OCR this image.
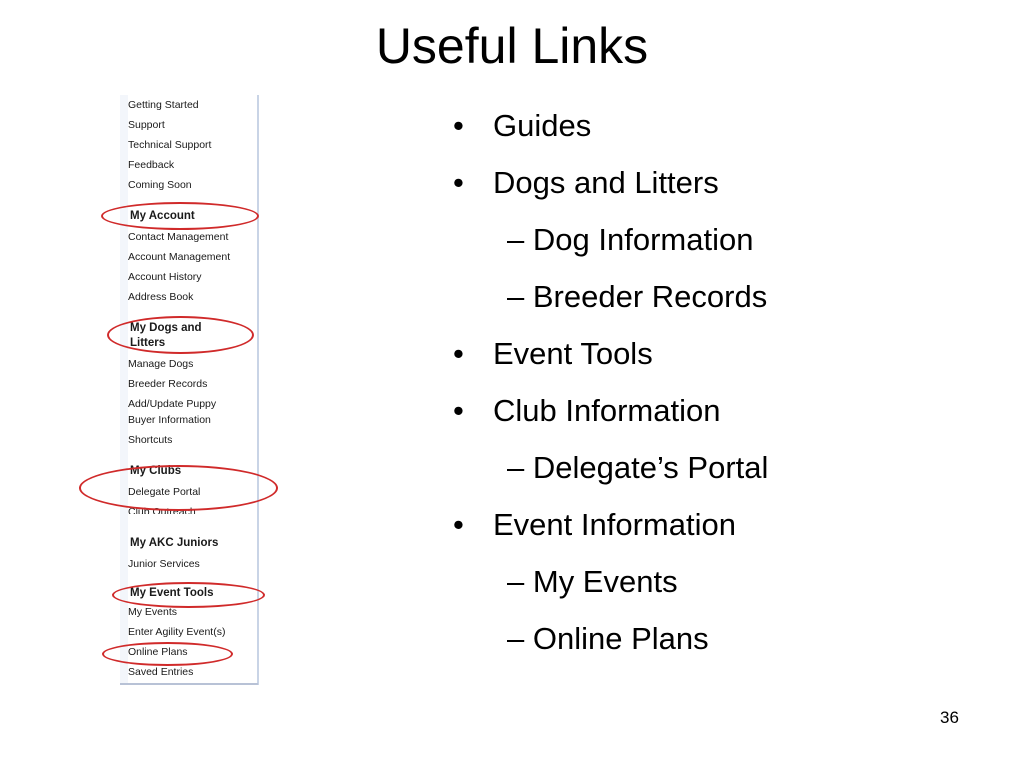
Useful Links
Getting Started
Support
Technical Support
Feedback
Coming Soon
My Account
Contact Management
Account Management
Account History
Address Book
My Dogs and
Litters
Manage Dogs
Breeder Records
Add/Update Puppy
Buyer Information
Shortcuts
My Clubs
Delegate Portal
Club Outreach
My AKC Juniors
Junior Services
My Event Tools
My Events
Enter Agility Event(s)
Online Plans
Saved Entries
• Guides
• Dogs and Litters
– Dog Information
– Breeder Records
• Event Tools
• Club Information
– Delegate’s Portal
• Event Information
– My Events
– Online Plans
36
